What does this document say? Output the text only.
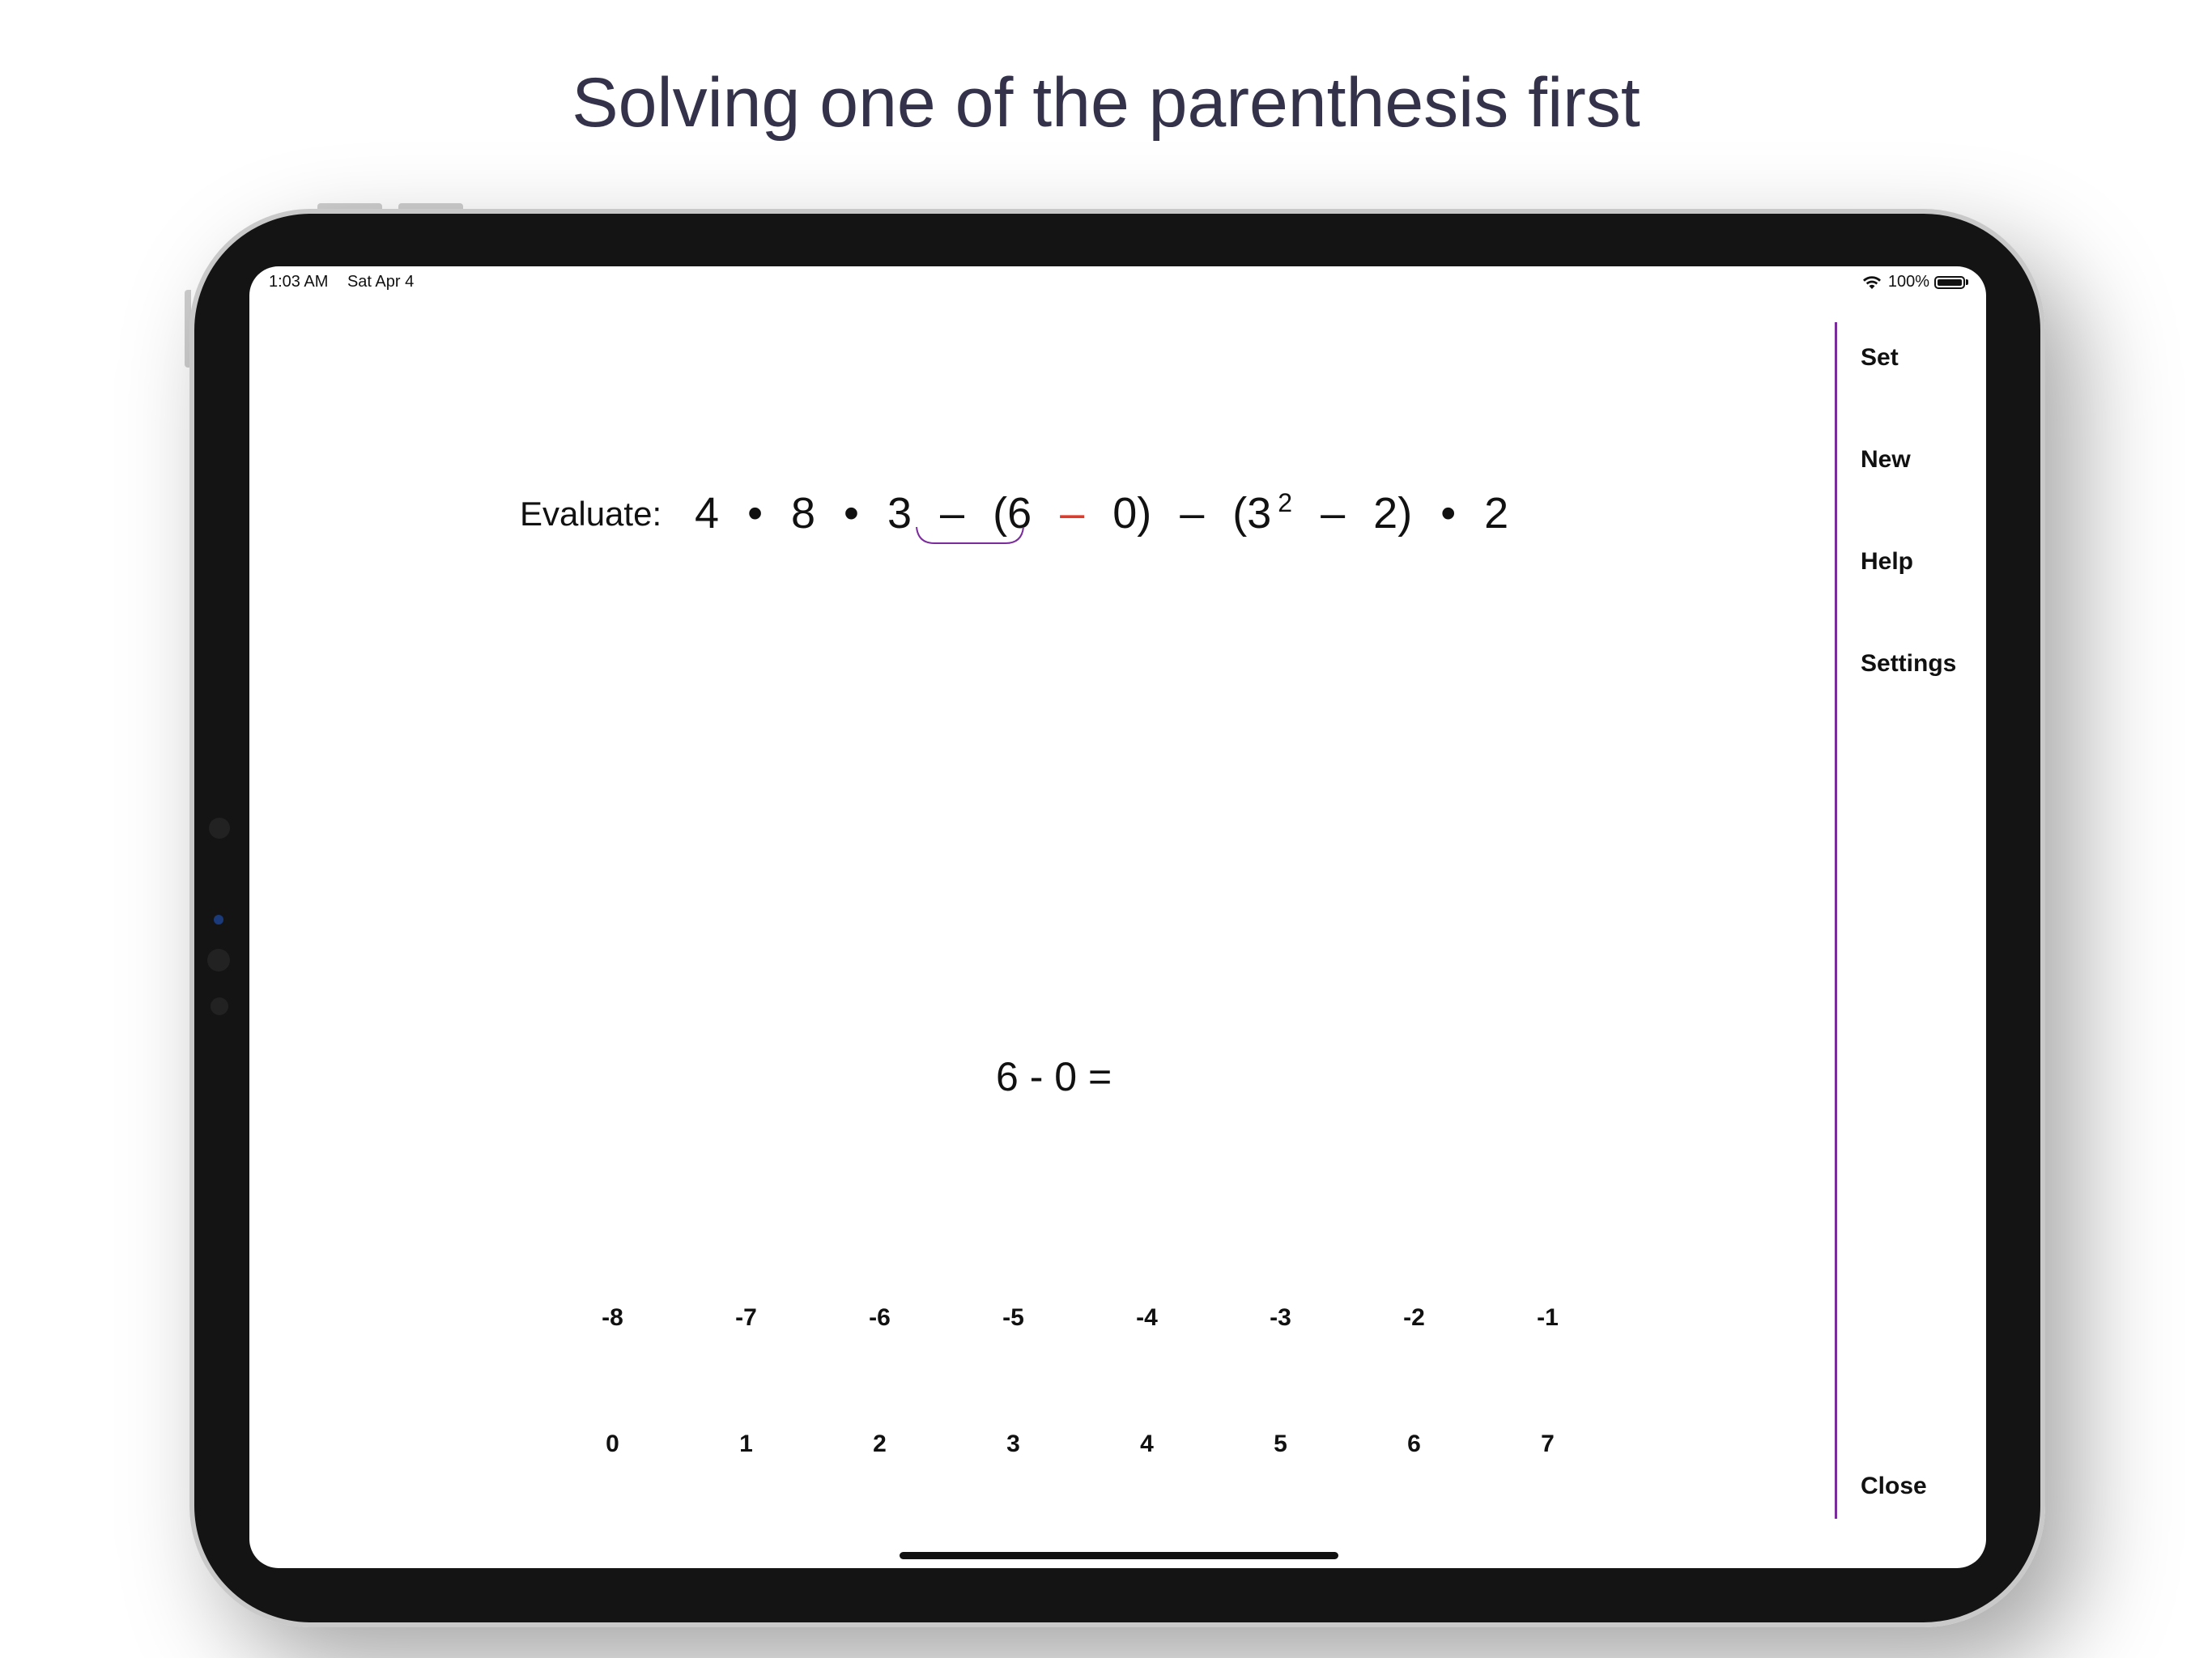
Solving one of the parenthesis first
1:03 AM Sat Apr 4	100%
Evaluate: 4 • 8 • 3 – (6 – 0) – (3 $^2$ – 2) • 2
6 - 0 =
-8	-7	-6	-5	-4	-3	-2	-1
0	1	2	3	4	5	6	7
Set
New
Help
Settings
Close
